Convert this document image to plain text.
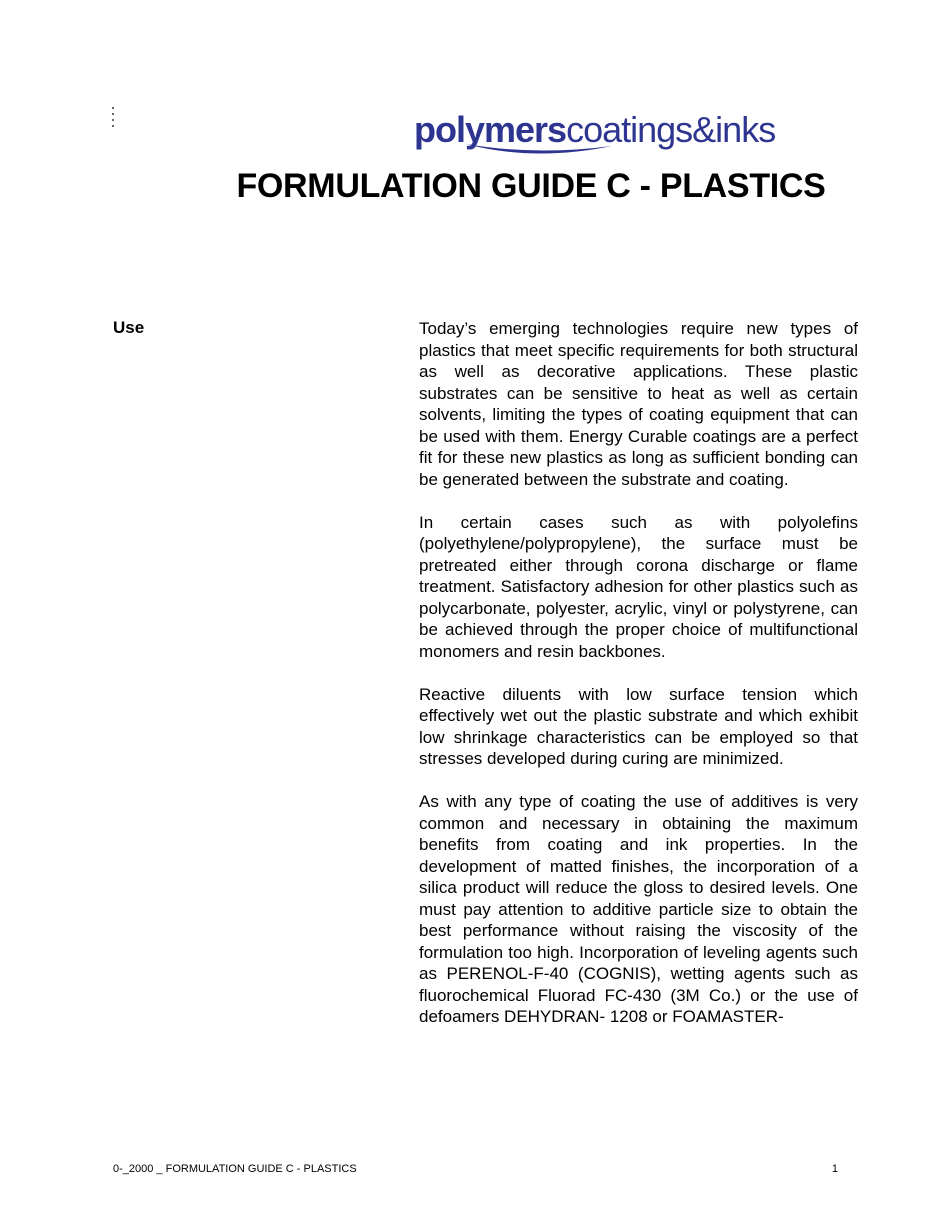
polymerscoatings&inks
FORMULATION GUIDE C - PLASTICS
Use	Today’s emerging technologies require new types of plastics that meet specific requirements for both structural as well as decorative applications. These plastic substrates can be sensitive to heat as well as certain solvents, limiting the types of coating equipment that can be used with them. Energy Curable coatings are a perfect fit for these new plastics as long as sufficient bonding can be generated between the substrate and coating.

In certain cases such as with polyolefins (polyethylene/polypropylene), the surface must be pretreated either through corona discharge or flame treatment. Satisfactory adhesion for other plastics such as polycarbonate, polyester, acrylic, vinyl or polystyrene, can be achieved through the proper choice of multifunctional monomers and resin backbones.

Reactive diluents with low surface tension which effectively wet out the plastic substrate and which exhibit low shrinkage characteristics can be employed so that stresses developed during curing are minimized.

As with any type of coating the use of additives is very common and necessary in obtaining the maximum benefits from coating and ink properties. In the development of matted finishes, the incorporation of a silica product will reduce the gloss to desired levels. One must pay attention to additive particle size to obtain the best performance without raising the viscosity of the formulation too high. Incorporation of leveling agents such as PERENOL-F-40 (COGNIS), wetting agents such as fluorochemical Fluorad FC-430 (3M Co.) or the use of defoamers DEHYDRAN- 1208 or FOAMASTER-

0-_2000 _ FORMULATION GUIDE C - PLASTICS	1
